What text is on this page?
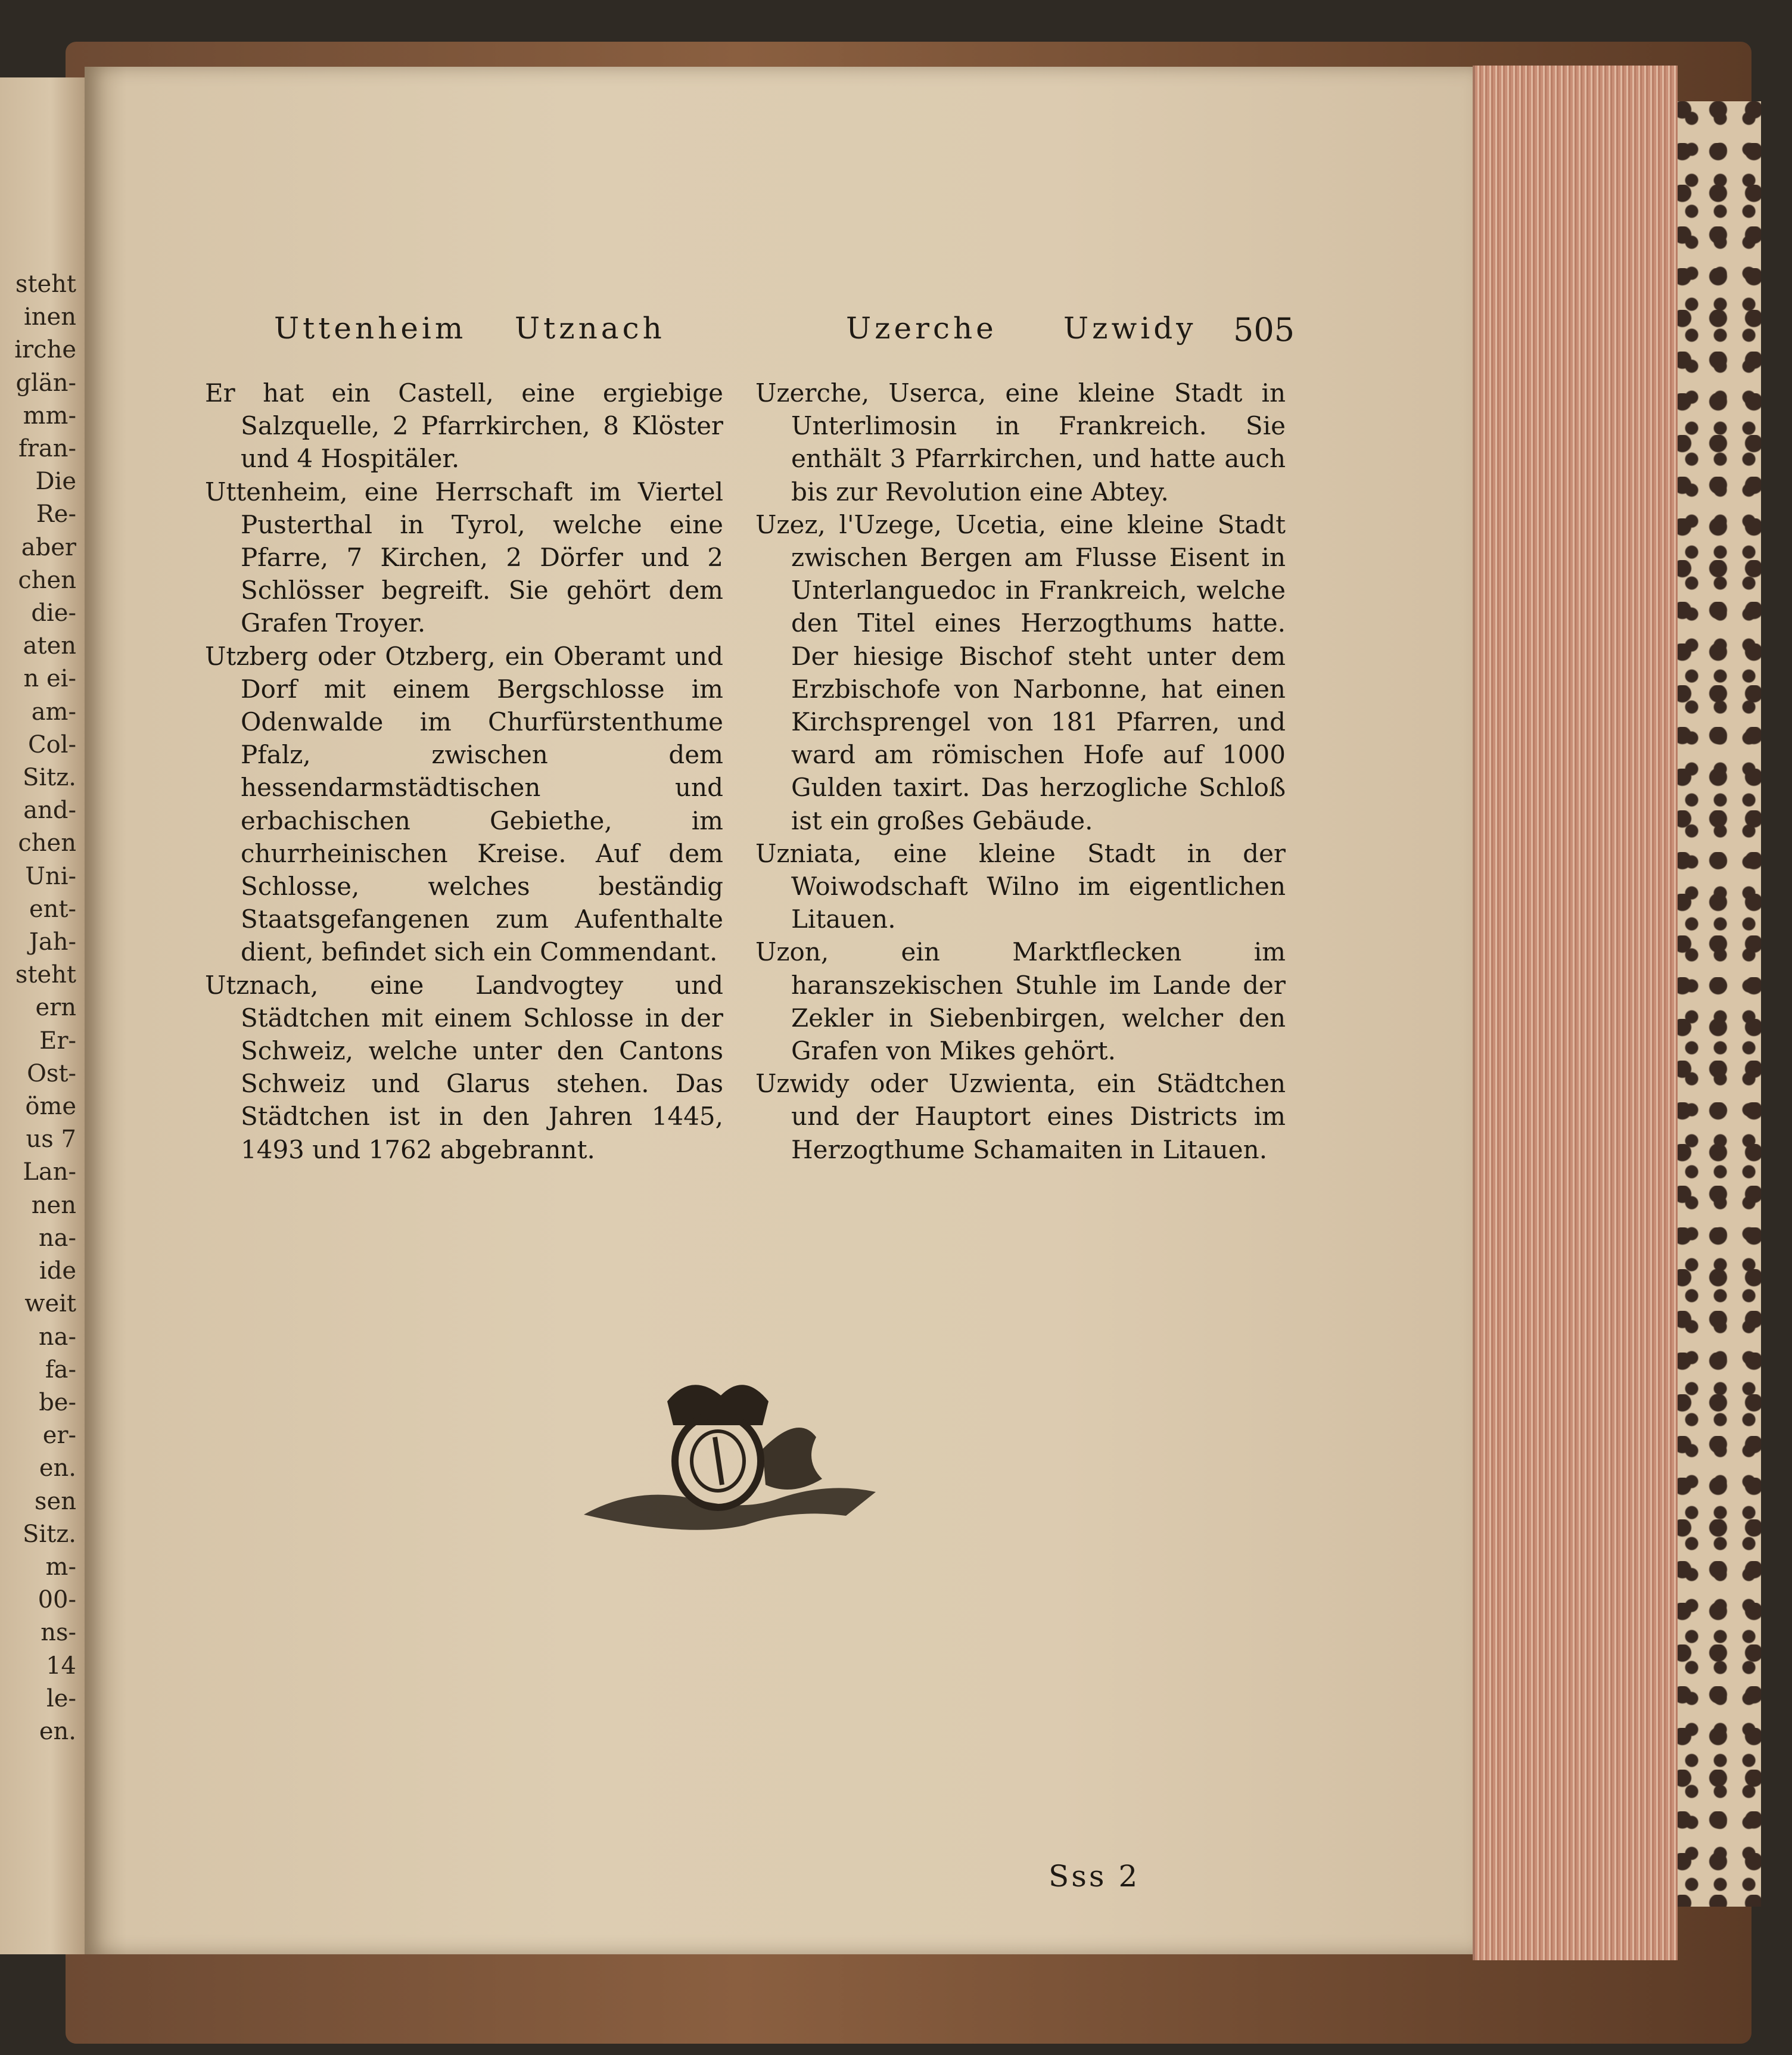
steht
inen
irche
glän-
mm-
fran-
Die
Re-
aber
chen
die-
aten
n ei-
am-
Col-
Sitz.
and-
chen
Uni-
ent-
Jah-
steht
ern
Er-
Ost-
öme
us 7
Lan-
nen
na-
ide
weit
na-
fa-
be-
er-
en.
sen
Sitz.
m-
00-
ns-
14
le-
en.
Uttenheim Utznach	Uzerche Uzwidy 505

Er hat ein Castell, eine ergiebige Salzquelle, 2 Pfarrkirchen, 8 Klöster und 4 Hospitäler.

Uttenheim, eine Herrschaft im Viertel Pusterthal in Tyrol, welche eine Pfarre, 7 Kirchen, 2 Dörfer und 2 Schlösser begreift. Sie gehört dem Grafen Troyer.

Utzberg oder Otzberg, ein Oberamt und Dorf mit einem Bergschlosse im Odenwalde im Churfürstenthume Pfalz, zwischen dem hessendarmstädtischen und erbachischen Gebiethe, im churrheinischen Kreise. Auf dem Schlosse, welches beständig Staatsgefangenen zum Aufenthalte dient, befindet sich ein Commendant.

Utznach, eine Landvogtey und Städtchen mit einem Schlosse in der Schweiz, welche unter den Cantons Schweiz und Glarus stehen. Das Städtchen ist in den Jahren 1445, 1493 und 1762 abgebrannt.

Uzerche, Userca, eine kleine Stadt in Unterlimosin in Frankreich. Sie enthält 3 Pfarrkirchen, und hatte auch bis zur Revolution eine Abtey.

Uzez, l'Uzege, Ucetia, eine kleine Stadt zwischen Bergen am Flusse Eisent in Unterlanguedoc in Frankreich, welche den Titel eines Herzogthums hatte. Der hiesige Bischof steht unter dem Erzbischofe von Narbonne, hat einen Kirchsprengel von 181 Pfarren, und ward am römischen Hofe auf 1000 Gulden taxirt. Das herzogliche Schloß ist ein großes Gebäude.

Uzniata, eine kleine Stadt in der Woiwodschaft Wilno im eigentlichen Litauen.

Uzon, ein Marktflecken im haranszekischen Stuhle im Lande der Zekler in Siebenbirgen, welcher den Grafen von Mikes gehört.

Uzwidy oder Uzwienta, ein Städtchen und der Hauptort eines Districts im Herzogthume Schamaiten in Litauen.

Sss 2
